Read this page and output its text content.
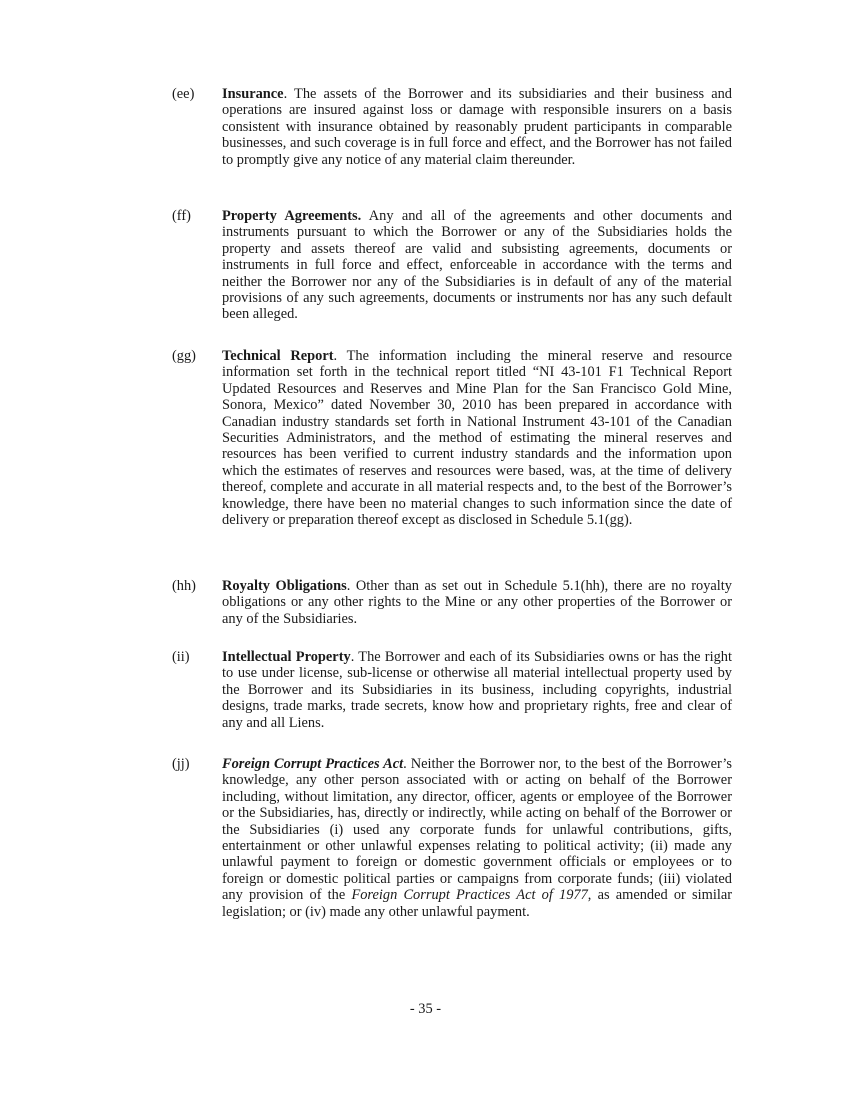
(ee)	Insurance. The assets of the Borrower and its subsidiaries and their business and operations are insured against loss or damage with responsible insurers on a basis consistent with insurance obtained by reasonably prudent participants in comparable businesses, and such coverage is in full force and effect, and the Borrower has not failed to promptly give any notice of any material claim thereunder.
(ff)	Property Agreements. Any and all of the agreements and other documents and instruments pursuant to which the Borrower or any of the Subsidiaries holds the property and assets thereof are valid and subsisting agreements, documents or instruments in full force and effect, enforceable in accordance with the terms and neither the Borrower nor any of the Subsidiaries is in default of any of the material provisions of any such agreements, documents or instruments nor has any such default been alleged.
(gg)	Technical Report. The information including the mineral reserve and resource information set forth in the technical report titled “NI 43-101 F1 Technical Report Updated Resources and Reserves and Mine Plan for the San Francisco Gold Mine, Sonora, Mexico” dated November 30, 2010 has been prepared in accordance with Canadian industry standards set forth in National Instrument 43-101 of the Canadian Securities Administrators, and the method of estimating the mineral reserves and resources has been verified to current industry standards and the information upon which the estimates of reserves and resources were based, was, at the time of delivery thereof, complete and accurate in all material respects and, to the best of the Borrower’s knowledge, there have been no material changes to such information since the date of delivery or preparation thereof except as disclosed in Schedule 5.1(gg).
(hh)	Royalty Obligations. Other than as set out in Schedule 5.1(hh), there are no royalty obligations or any other rights to the Mine or any other properties of the Borrower or any of the Subsidiaries.
(ii)	Intellectual Property. The Borrower and each of its Subsidiaries owns or has the right to use under license, sub-license or otherwise all material intellectual property used by the Borrower and its Subsidiaries in its business, including copyrights, industrial designs, trade marks, trade secrets, know how and proprietary rights, free and clear of any and all Liens.
(jj)	Foreign Corrupt Practices Act. Neither the Borrower nor, to the best of the Borrower’s knowledge, any other person associated with or acting on behalf of the Borrower including, without limitation, any director, officer, agents or employee of the Borrower or the Subsidiaries, has, directly or indirectly, while acting on behalf of the Borrower or the Subsidiaries (i) used any corporate funds for unlawful contributions, gifts, entertainment or other unlawful expenses relating to political activity; (ii) made any unlawful payment to foreign or domestic government officials or employees or to foreign or domestic political parties or campaigns from corporate funds; (iii) violated any provision of the Foreign Corrupt Practices Act of 1977, as amended or similar legislation; or (iv) made any other unlawful payment.
- 35 -
